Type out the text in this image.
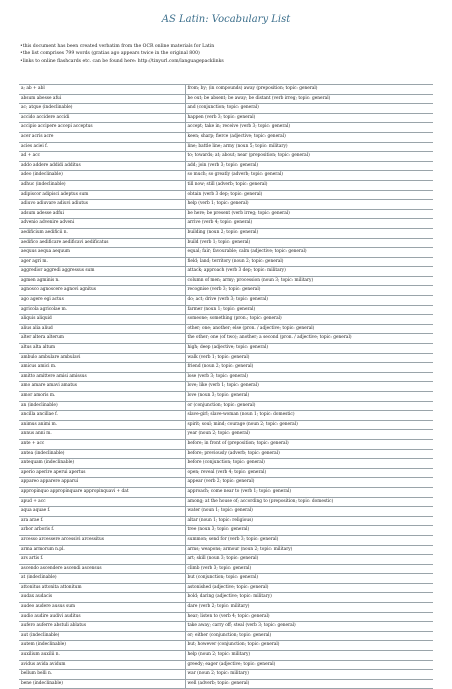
AS Latin: Vocabulary List
• this document has been created verbatim from the OCR online materials for Latin
• the list comprises 799 words (gratias ago appears twice in the original 800)
• links to online flashcards etc. can be found here: http://tinyurl.com/languagepacklinks
a; ab + abl	from; by; (in compounds) away (preposition; topic: general)
absum abesse afui	be out; be absent; be away; be distant (verb irreg; topic: general)
ac; atque (indeclinable)	and (conjunction; topic: general)
accido accidere accidi	happen (verb 3; topic: general)
accipio accipere accepi acceptus	accept; take in; receive (verb 3; topic: general)
acer acris acre	keen; sharp; fierce (adjective; topic: general)
acies aciei f.	line; battle line; army (noun 5; topic: military)
ad + acc	to; towards; at; about; near (preposition; topic: general)
addo addere addidi additus	add; join (verb 3; topic: general)
adeo (indeclinable)	so much; so greatly (adverb; topic: general)
adhuc (indeclinable)	till now; still (adverb; topic: general)
adipiscor adipisci adeptus sum	obtain (verb 3 dep; topic: general)
adiuvo adiuvare adiuvi adiutus	help (verb 1; topic: general)
adsum adesse adfui	be here; be present (verb irreg; topic: general)
advenio advenire adveni	arrive (verb 4; topic: general)
aedificium aedificii n.	building (noun 2; topic: general)
aedifico aedificare aedificavi aedificatus	build (verb 1; topic: general)
aequus aequa aequum	equal; fair; favourable; calm (adjective; topic: general)
ager agri m.	field; land; territory (noun 2; topic: general)
aggredior aggredi aggressus sum	attack; approach (verb 3 dep; topic: military)
agmen agminis n.	column of men; army; procession (noun 3; topic: military)
agnosco agnoscere agnovi agnitus	recognise (verb 3; topic: general)
ago agere egi actus	do; act; drive (verb 3; topic: general)
agricola agricolae m.	farmer (noun 1; topic: general)
aliquis aliquid	someone; something (pron.; topic: general)
alius alia aliud	other; one; another; else (pron. / adjective; topic: general)
alter altera alterum	the other; one (of two); another; a second (pron. / adjective; topic: general)
altus alta altum	high; deep (adjective; topic: general)
ambulo ambulare ambulavi	walk (verb 1; topic: general)
amicus amici m.	friend (noun 2; topic: general)
amitto amittere amisi amissus	lose (verb 3; topic: general)
amo amare amavi amatus	love; like (verb 1; topic: general)
amor amoris m.	love (noun 3; topic: general)
an (indeclinable)	or (conjunction; topic: general)
ancilla ancillae f.	slave-girl; slave-woman (noun 1; topic: domestic)
animus animi m.	spirit; soul; mind; courage (noun 2; topic: general)
annus anni m.	year (noun 2; topic: general)
ante + acc	before; in front of (preposition; topic: general)
antea (indeclinable)	before; previously (adverb; topic: general)
antequam (indeclinable)	before (conjunction; topic: general)
aperio aperire aperui apertus	open; reveal (verb 4; topic: general)
appareo apparere apparui	appear (verb 2; topic: general)
appropinquo appropinquare appropinquavi + dat	approach; come near to (verb 1; topic: general)
apud + acc	among; at the house of; according to (preposition; topic: domestic)
aqua aquae f.	water (noun 1; topic: general)
ara arae f.	altar (noun 1; topic: religious)
arbor arboris f.	tree (noun 3; topic: general)
arcesso arcessere arcessivi arcessitus	summon; send for (verb 3; topic: general)
arma armorum n.pl.	arms; weapons; armour (noun 2; topic: military)
ars artis f.	art; skill (noun 3; topic: general)
ascendo ascendere ascendi ascensus	climb (verb 3; topic: general)
at (indeclinable)	but (conjunction; topic: general)
attonitus attonita attonitum	astonished (adjective; topic: general)
audax audacis	bold; daring (adjective; topic: military)
audeo audere ausus sum	dare (verb 2; topic: military)
audio audire audivi auditus	hear; listen to (verb 4; topic: general)
aufero auferre abstuli ablatus	take away; carry off; steal (verb 3; topic: general)
aut (indeclinable)	or; either (conjunction; topic: general)
autem (indeclinable)	but; however (conjunction; topic: general)
auxilium auxilii n.	help (noun 2; topic: military)
avidus avida avidum	greedy; eager (adjective; topic: general)
bellum belli n.	war (noun 2; topic: military)
bene (indeclinable)	well (adverb; topic: general)
